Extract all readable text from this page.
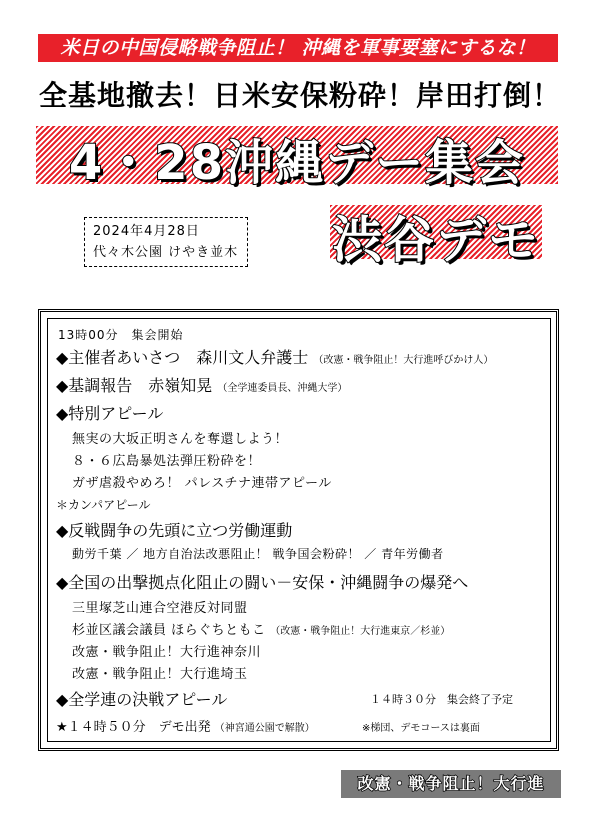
米日の中国侵略戦争阻止！ 沖縄を軍事要塞にするな！
全基地撤去！日米安保粉砕！岸田打倒！
4・28沖縄デー集会
2024年4月28日
代々木公園 けやき並木 渋谷デモ
13時00分　集会開始
◆主催者あいさつ　森川文人弁護士 （改憲・戦争阻止！大行進呼びかけ人）
◆基調報告　赤嶺知晃 （全学連委員長、沖縄大学）
◆特別アピール
無実の大坂正明さんを奪還しよう！
８・６広島暴処法弾圧粉砕を！
ガザ虐殺やめろ！ パレスチナ連帯アピール
＊カンパアピール
◆反戦闘争の先頭に立つ労働運動
動労千葉 ／ 地方自治法改悪阻止！ 戦争国会粉砕！ ／ 青年労働者
◆全国の出撃拠点化阻止の闘い－安保・沖縄闘争の爆発へ
三里塚芝山連合空港反対同盟
杉並区議会議員 ほらぐちともこ （改憲・戦争阻止！大行進東京／杉並）
改憲・戦争阻止！大行進神奈川
改憲・戦争阻止！大行進埼玉
◆全学連の決戦アピール	１４時３０分　集会終了予定
★１４時５０分　デモ出発 （神宮通公園で解散）	※梯団、デモコースは裏面
改憲・戦争阻止！大行進
